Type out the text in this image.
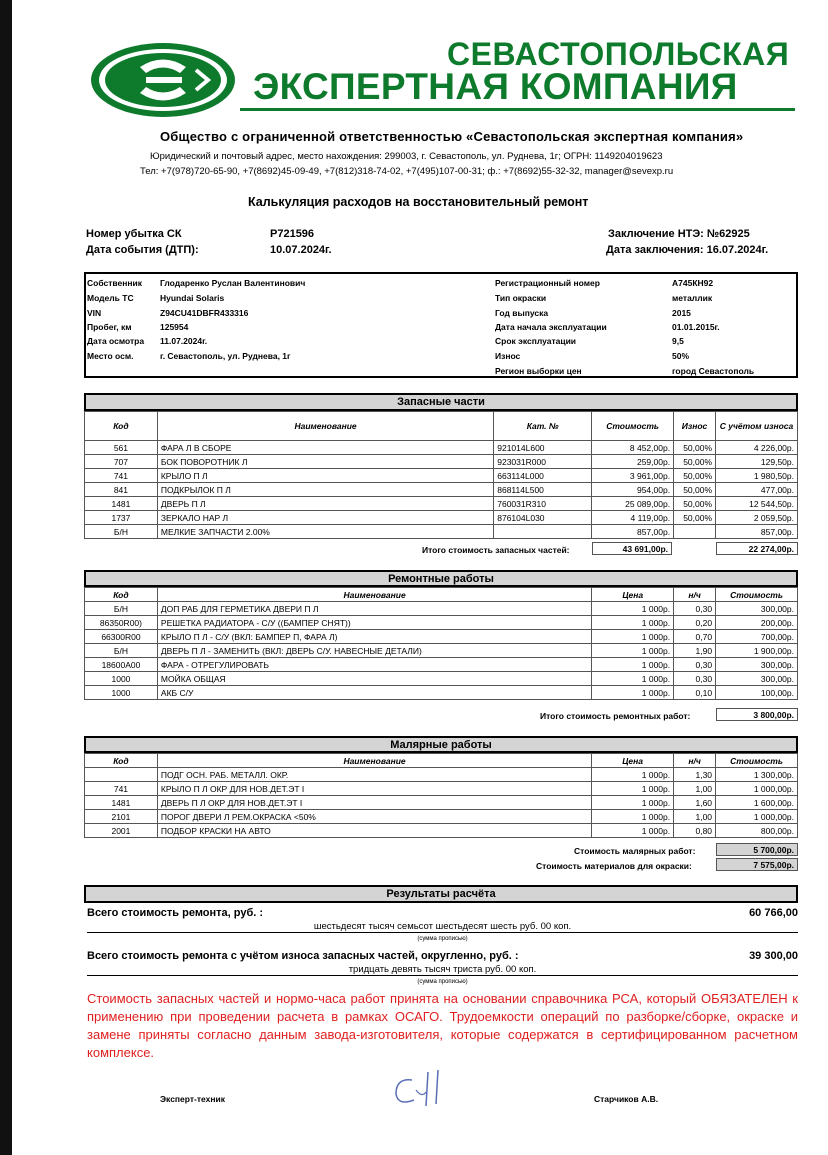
СЕВАСТОПОЛЬСКАЯ
ЭКСПЕРТНАЯ КОМПАНИЯ
Общество с ограниченной ответственностью «Севастопольская экспертная компания»
Юридический и почтовый адрес, место нахождения: 299003, г. Севастополь, ул. Руднева, 1г; ОГРН: 1149204019623
Тел: +7(978)720-65-90, +7(8692)45-09-49, +7(812)318-74-02, +7(495)107-00-31; ф.: +7(8692)55-32-32, manager@sevexp.ru
Калькуляция расходов на восстановительный ремонт
Номер убытка СК	Р721596
Дата события (ДТП):	10.07.2024г.
Заключение НТЭ: №62925
Дата заключения: 16.07.2024г.
Собственник Глодаренко Руслан Валентинович
Модель ТС	Hyundai Solaris
VIN	Z94CU41DBFR433316
Пробег, км	125954
Дата осмотра 11.07.2024г.
Место осм.	г. Севастополь, ул. Руднева, 1г
Регистрационный номер	А745КН92
Тип окраски	металлик
Год выпуска	2015
Дата начала эксплуатации	01.01.2015г.
Срок эксплуатации	9,5
Износ	50%
Регион выборки цен	город Севастополь
Запасные части
Код	Наименование	Кат. №	Стоимость	Износ	С учётом износа
561	ФАРА Л В СБОРЕ	921014L600	8 452,00р.	50,00%	4 226,00р.
707	БОК ПОВОРОТНИК Л	923031R000	259,00р.	50,00%	129,50р.
741	КРЫЛО П Л	663114L000	3 961,00р.	50,00%	1 980,50р.
841	ПОДКРЫЛОК П Л	868114L500	954,00р.	50,00%	477,00р.
1481	ДВЕРЬ П Л	760031R310	25 089,00р.	50,00%	12 544,50р.
1737	ЗЕРКАЛО НАР Л	876104L030	4 119,00р.	50,00%	2 059,50р.
Б/Н	МЕЛКИЕ ЗАПЧАСТИ 2.00%		857,00р.		857,00р.
Итого стоимость запасных частей:	43 691,00р.	22 274,00р.
Ремонтные работы
Код	Наименование	Цена	н/ч	Стоимость
Б/Н	ДОП РАБ ДЛЯ ГЕРМЕТИКА ДВЕРИ П Л	1 000р.	0,30	300,00р.
86350R00)	РЕШЕТКА РАДИАТОРА - С/У ((БАМПЕР СНЯТ))	1 000р.	0,20	200,00р.
66300R00	КРЫЛО П Л - С/У (ВКЛ: БАМПЕР П, ФАРА Л)	1 000р.	0,70	700,00р.
Б/Н	ДВЕРЬ П Л - ЗАМЕНИТЬ (ВКЛ: ДВЕРЬ С/У. НАВЕСНЫЕ ДЕТАЛИ)	1 000р.	1,90	1 900,00р.
18600A00	ФАРА - ОТРЕГУЛИРОВАТЬ	1 000р.	0,30	300,00р.
1000	МОЙКА ОБЩАЯ	1 000р.	0,30	300,00р.
1000	АКБ С/У	1 000р.	0,10	100,00р.
Итого стоимость ремонтных работ:	3 800,00р.
Малярные работы
Код	Наименование	Цена	н/ч	Стоимость
	ПОДГ ОСН. РАБ. МЕТАЛЛ. ОКР.	1 000р.	1,30	1 300,00р.
741	КРЫЛО П Л ОКР ДЛЯ НОВ.ДЕТ.ЭТ I	1 000р.	1,00	1 000,00р.
1481	ДВЕРЬ П Л ОКР ДЛЯ НОВ.ДЕТ.ЭТ I	1 000р.	1,60	1 600,00р.
2101	ПОРОГ ДВЕРИ Л РЕМ.ОКРАСКА <50%	1 000р.	1,00	1 000,00р.
2001	ПОДБОР КРАСКИ НА АВТО	1 000р.	0,80	800,00р.
Стоимость малярных работ:	5 700,00р.
Стоимость материалов для окраски:	7 575,00р.
Результаты расчёта
Всего стоимость ремонта, руб. :	60 766,00
шестьдесят тысяч семьсот шестьдесят шесть руб. 00 коп.
(сумма прописью)
Всего стоимость ремонта с учётом износа запасных частей, округленно, руб. :	39 300,00
тридцать девять тысяч триста руб. 00 коп.
(сумма прописью)
Стоимость запасных частей и нормо-часа работ принята на основании справочника РСА, который ОБЯЗАТЕЛЕН к применению при проведении расчета в рамках ОСАГО. Трудоемкости операций по разборке/сборке, окраске и замене приняты согласно данным завода-изготовителя, которые содержатся в сертифицированном расчетном комплексе.
Эксперт-техник	Старчиков А.В.
